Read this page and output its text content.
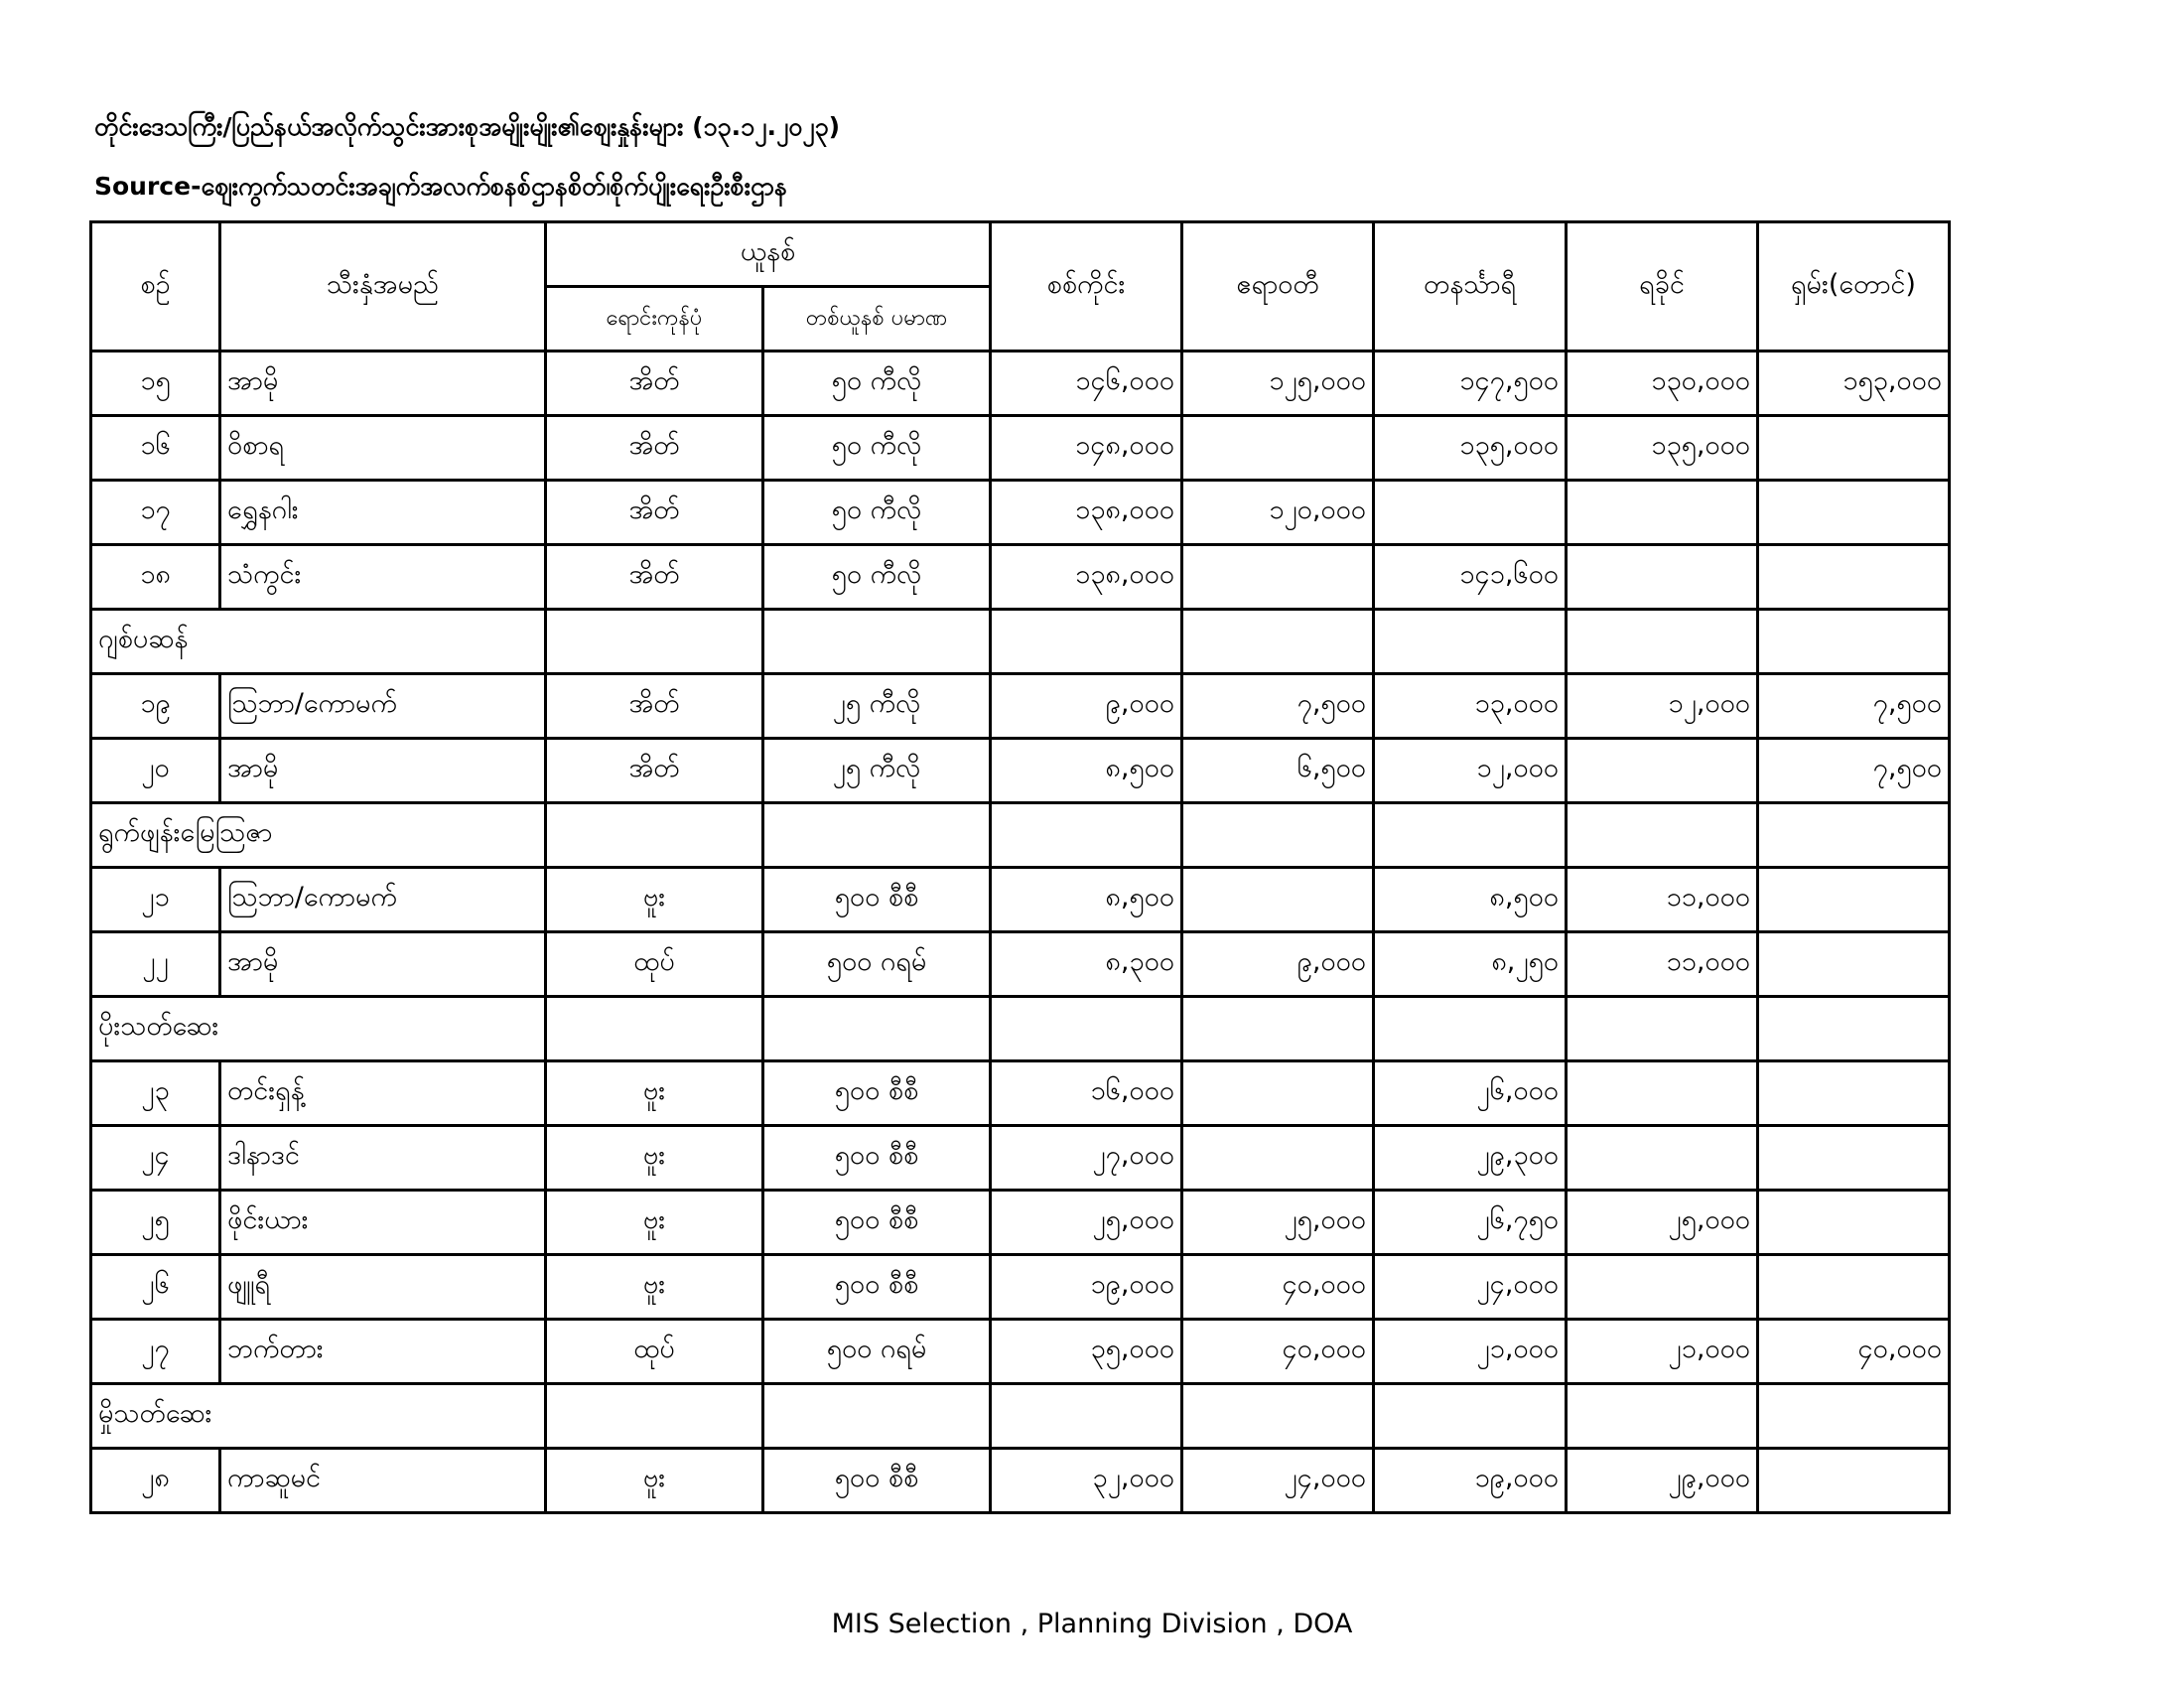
တိုင်းဒေသကြီး/ပြည်နယ်အလိုက်သွင်းအားစုအမျိုးမျိုး၏ဈေးနှုန်းများ (၁၃.၁၂.၂၀၂၃)
Source-ဈေးကွက်သတင်းအချက်အလက်စနစ်ဌာနစိတ်၊စိုက်ပျိုးရေးဦးစီးဌာန
စဉ်	သီးနှံအမည်	ယူနစ်		စစ်ကိုင်း	ဧရာဝတီ	တနင်္သာရီ	ရခိုင်	ရှမ်း(တောင်)
		ရောင်းကုန်ပုံ	တစ်ယူနစ် ပမာဏ					
၁၅	အာမို	အိတ်	၅၀ ကီလို	၁၄၆,၀၀၀	၁၂၅,၀၀၀	၁၄၇,၅၀၀	၁၃၀,၀၀၀	၁၅၃,၀၀၀
၁၆	ဝိစာရ	အိတ်	၅၀ ကီလို	၁၄၈,၀၀၀		၁၃၅,၀၀၀	၁၃၅,၀၀၀	
၁၇	ရွှေနဂါး	အိတ်	၅၀ ကီလို	၁၃၈,၀၀၀	၁၂၀,၀၀၀			
၁၈	သံကွင်း	အိတ်	၅၀ ကီလို	၁၃၈,၀၀၀		၁၄၁,၆၀၀		
ဂျစ်ပဆန်								
၁၉	သြဘာ/ကောမက်	အိတ်	၂၅ ကီလို	၉,၀၀၀	၇,၅၀၀	၁၃,၀၀၀	၁၂,၀၀၀	၇,၅၀၀
၂၀	အာမို	အိတ်	၂၅ ကီလို	၈,၅၀၀	၆,၅၀၀	၁၂,၀၀၀		၇,၅၀၀
ရွက်ဖျန်းမြေဩဇာ								
၂၁	သြဘာ/ကောမက်	ဗူး	၅၀၀ စီစီ	၈,၅၀၀		၈,၅၀၀	၁၁,၀၀၀	
၂၂	အာမို	ထုပ်	၅၀၀ ဂရမ်	၈,၃၀၀	၉,၀၀၀	၈,၂၅၀	၁၁,၀၀၀	
ပိုးသတ်ဆေး								
၂၃	တင်းရှန့်	ဗူး	၅၀၀ စီစီ	၁၆,၀၀၀		၂၆,၀၀၀		
၂၄	ဒါနာဒင်	ဗူး	၅၀၀ စီစီ	၂၇,၀၀၀		၂၉,၃၀၀		
၂၅	ဖိုင်းယား	ဗူး	၅၀၀ စီစီ	၂၅,၀၀၀	၂၅,၀၀၀	၂၆,၇၅၀	၂၅,၀၀၀	
၂၆	ဖျူရီ	ဗူး	၅၀၀ စီစီ	၁၉,၀၀၀	၄၀,၀၀၀	၂၄,၀၀၀		
၂၇	ဘက်တား	ထုပ်	၅၀၀ ဂရမ်	၃၅,၀၀၀	၄၀,၀၀၀	၂၁,၀၀၀	၂၁,၀၀၀	၄၀,၀၀၀
မှိုသတ်ဆေး								
၂၈	ကာဆူမင်	ဗူး	၅၀၀ စီစီ	၃၂,၀၀၀	၂၄,၀၀၀	၁၉,၀၀၀	၂၉,၀၀၀	
MIS Selection , Planning Division , DOA
